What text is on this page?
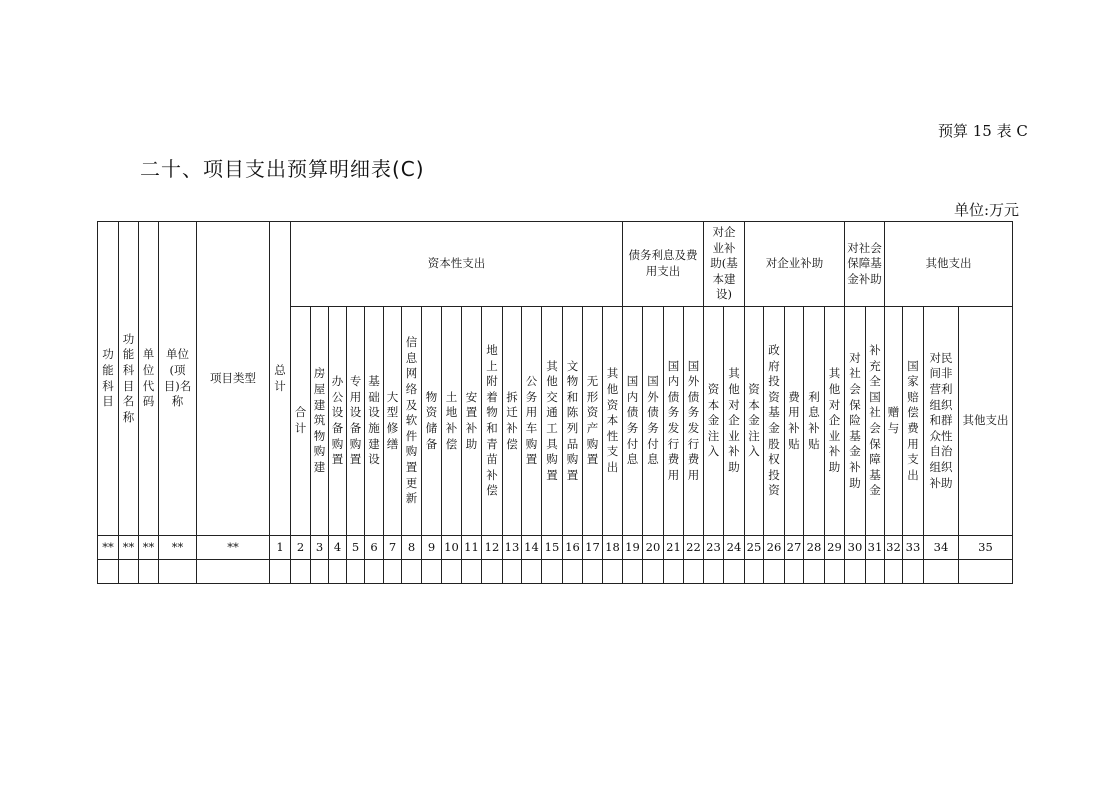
预算 15 表 C
二十、项目支出预算明细表(C)
单位:万元
功能科目	功能科目名称	单位代码	单位(项目)名称	项目类型	总计	资本性支出																	债务利息及费用支出				对企业补助(基本建设)		对企业补助					对社会保障基金补助		其他支出			
						合计	房屋建筑物购建	办公设备购置	专用设备购置	基础设施建设	大型修缮	信息网络及软件购置更新	物资储备	土地补偿	安置补助	地上附着物和青苗补偿	拆迁补偿	公务用车购置	其他交通工具购置	文物和陈列品购置	无形资产购置	其他资本性支出	国内债务付息	国外债务付息	国内债务发行费用	国外债务发行费用	资本金注入	其他对企业补助	资本金注入	政府投资基金股权投资	费用补贴	利息补贴	其他对企业补助	对社会保险基金补助	补充全国社会保障基金	赠与	国家赔偿费用支出	对民间非营利组织和群众性自治组织补助	其他支出
**	**	**	**	**	1	2	3	4	5	6	7	8	9	10	11	12	13	14	15	16	17	18	19	20	21	22	23	24	25	26	27	28	29	30	31	32	33	34	35
